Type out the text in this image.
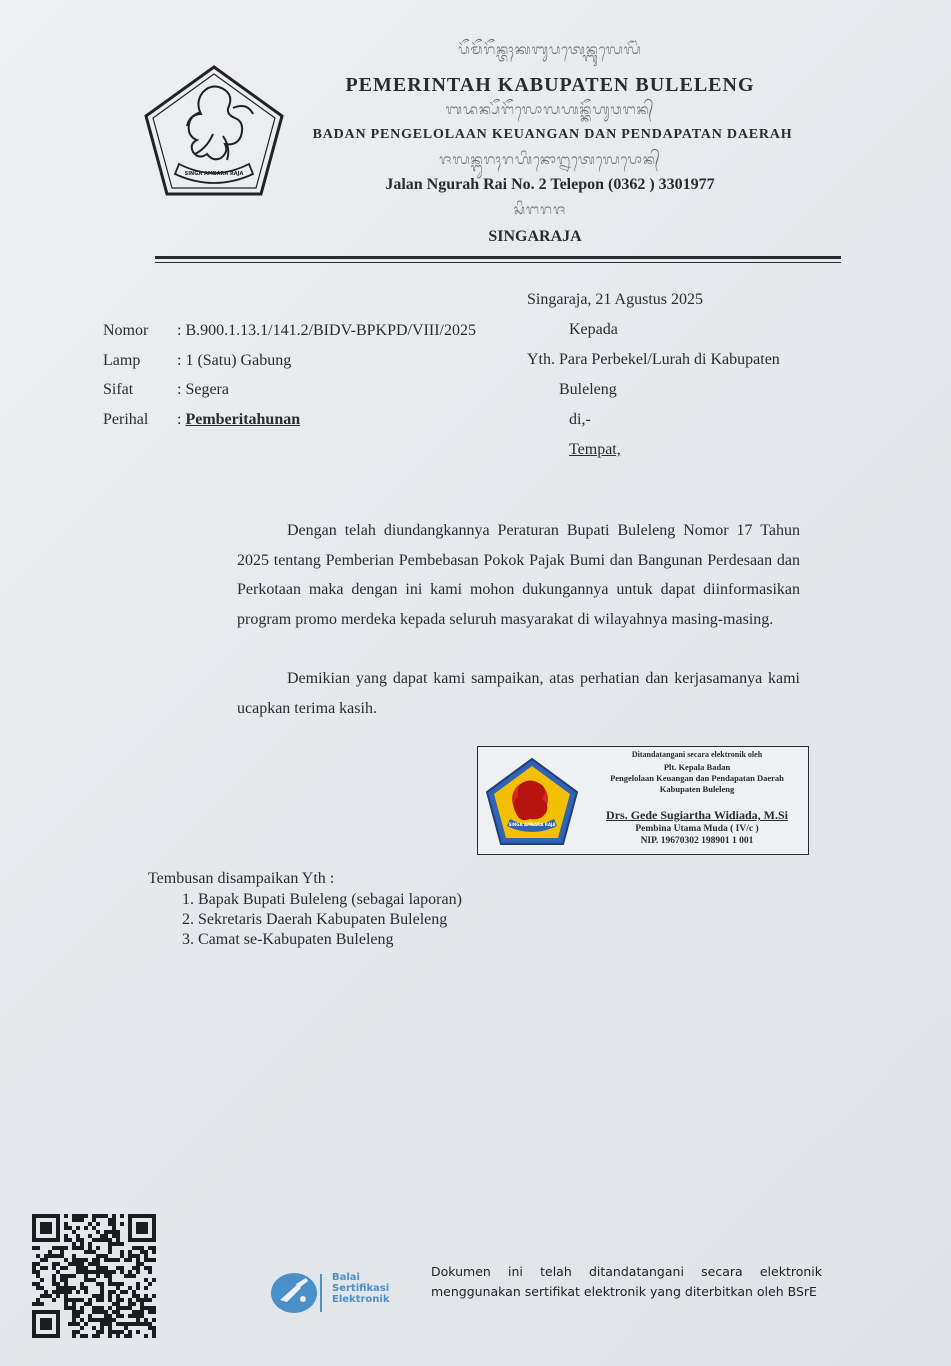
SINGA AMBARA RAJA
ᬧᭂᬫᭂᬭᭂᬦ᭄ᬢᬄᬓᬩᬸᬧᬢᬾᬦ᭄ᬩᬸᬮᬾᬮᭂᬂ
PEMERINTAH KABUPATEN BULELENG
ᬩᬤᬦ᭄ᬧᭂᬗᭂᬮᭀᬮᬳᬦ᭄ᬓᭂᬳᬸᬯᬗᬦ᭄
BADAN PENGELOLAAN KEUANGAN DAN PENDAPATAN DAERAH
ᬚᬮᬦ᭄ᬗᬸᬭᬄᬭᬳᬶᬦᭀ᭒ᬢᬾᬮᬾᬧᭀᬦ᭄
Jalan Ngurah Rai No. 2 Telepon (0362 ) 3301977
ᬲᬶᬗᬭᬚ
SINGARAJA
Singaraja, 21 Agustus 2025
Nomor	: B.900.1.13.1/141.2/BIDV-BPKPD/VIII/2025
Lamp	: 1 (Satu) Gabung
Sifat	: Segera
Perihal	: Pemberitahunan
Kepada
Yth. Para Perbekel/Lurah di Kabupaten
Buleleng
di,-
Tempat,
Dengan telah diundangkannya Peraturan Bupati Buleleng Nomor 17 Tahun 2025 tentang Pemberian Pembebasan Pokok Pajak Bumi dan Bangunan Perdesaan dan Perkotaan maka dengan ini kami mohon dukungannya untuk dapat diinformasikan program promo merdeka kepada seluruh masyarakat di wilayahnya masing-masing.
Demikian yang dapat kami sampaikan, atas perhatian dan kerjasamanya kami ucapkan terima kasih.
SINGA AMBARA RAJA
Ditandatangani secara elektronik oleh
Plt. Kepala Badan
Pengelolaan Keuangan dan Pendapatan Daerah
Kabupaten Buleleng
Drs. Gede Sugiartha Widiada, M.Si
Pembina Utama Muda ( IV/c )
NIP. 19670302 198901 1 001
Tembusan disampaikan Yth :
1. Bapak Bupati Buleleng (sebagai laporan)
2. Sekretaris Daerah Kabupaten Buleleng
3. Camat se-Kabupaten Buleleng
Balai
Sertifikasi
Elektronik
Dokumen ini telah ditandatangani secara elektronik menggunakan sertifikat elektronik yang diterbitkan oleh BSrE
